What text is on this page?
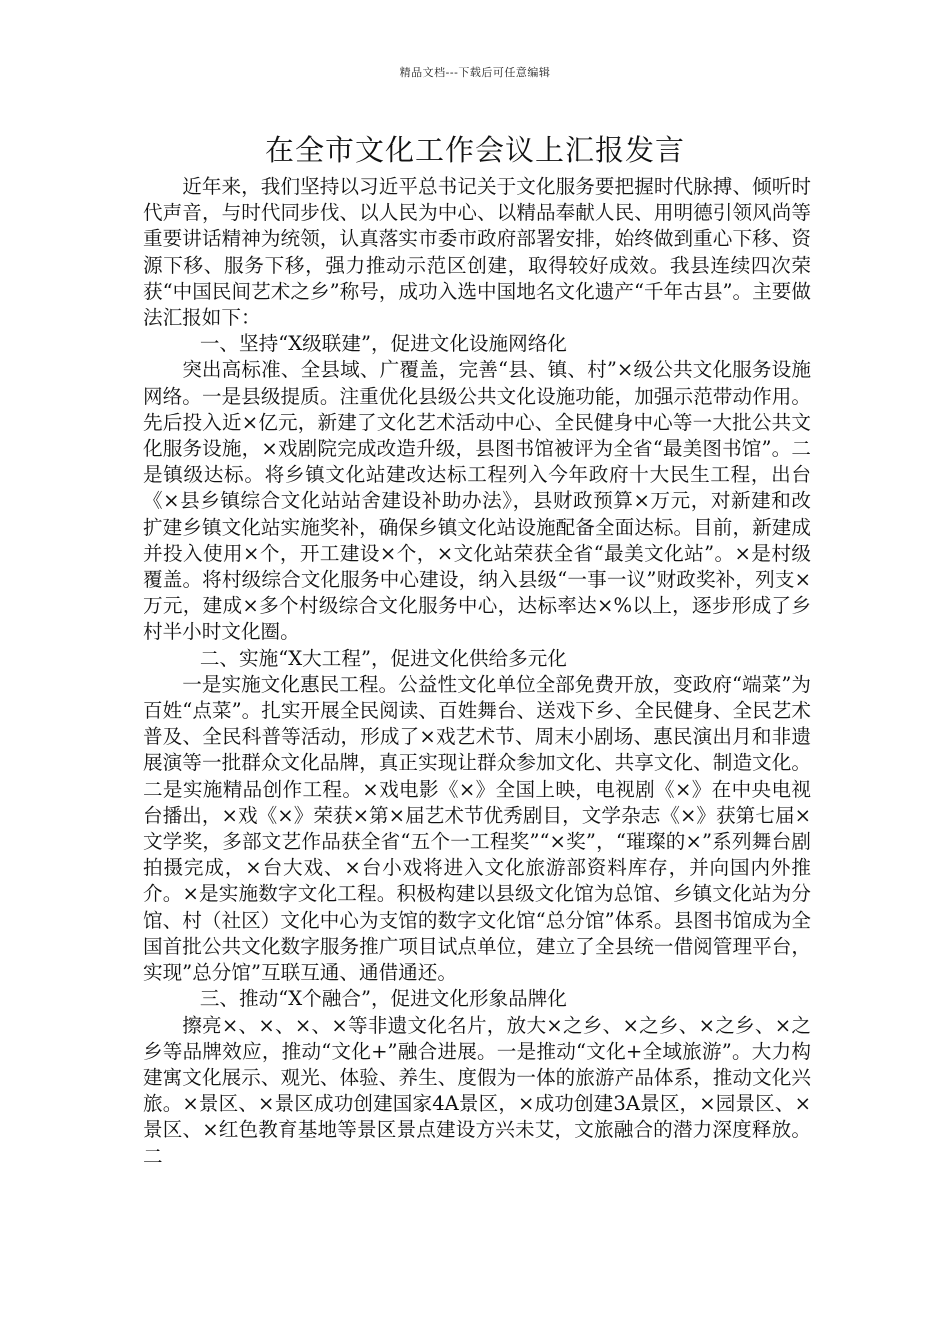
精品文档---下载后可任意编辑
在全市文化工作会议上汇报发言

近年来，我们坚持以习近平总书记关于文化服务要把握时代脉搏、倾听时代声音，与时代同步伐、以人民为中心、以精品奉献人民、用明德引领风尚等重要讲话精神为统领，认真落实市委市政府部署安排，始终做到重心下移、资源下移、服务下移，强力推动示范区创建，取得较好成效。我县连续四次荣获“中国民间艺术之乡”称号，成功入选中国地名文化遗产“千年古县”。主要做法汇报如下：

一、坚持“X级联建”，促进文化设施网络化

突出高标准、全县域、广覆盖，完善“县、镇、村”×级公共文化服务设施网络。一是县级提质。注重优化县级公共文化设施功能，加强示范带动作用。先后投入近×亿元，新建了文化艺术活动中心、全民健身中心等一大批公共文化服务设施，×戏剧院完成改造升级，县图书馆被评为全省“最美图书馆”。二是镇级达标。将乡镇文化站建改达标工程列入今年政府十大民生工程，出台《×县乡镇综合文化站站舍建设补助办法》，县财政预算×万元，对新建和改扩建乡镇文化站实施奖补，确保乡镇文化站设施配备全面达标。目前，新建成并投入使用×个，开工建设×个，×文化站荣获全省“最美文化站”。×是村级覆盖。将村级综合文化服务中心建设，纳入县级“一事一议”财政奖补，列支×万元，建成×多个村级综合文化服务中心，达标率达×%以上，逐步形成了乡村半小时文化圈。

二、实施“X大工程”，促进文化供给多元化

一是实施文化惠民工程。公益性文化单位全部免费开放，变政府“端菜”为百姓“点菜”。扎实开展全民阅读、百姓舞台、送戏下乡、全民健身、全民艺术普及、全民科普等活动，形成了×戏艺术节、周末小剧场、惠民演出月和非遗展演等一批群众文化品牌，真正实现让群众参加文化、共享文化、制造文化。二是实施精品创作工程。×戏电影《×》全国上映，电视剧《×》在中央电视台播出，×戏《×》荣获×第×届艺术节优秀剧目，文学杂志《×》获第七届×文学奖，多部文艺作品获全省“五个一工程奖”“×奖”，“璀璨的×”系列舞台剧拍摄完成，×台大戏、×台小戏将进入文化旅游部资料库存，并向国内外推介。×是实施数字文化工程。积极构建以县级文化馆为总馆、乡镇文化站为分馆、村（社区）文化中心为支馆的数字文化馆“总分馆”体系。县图书馆成为全国首批公共文化数字服务推广项目试点单位，建立了全县统一借阅管理平台，实现”总分馆”互联互通、通借通还。

三、推动“X个融合”，促进文化形象品牌化

擦亮×、×、×、×等非遗文化名片，放大×之乡、×之乡、×之乡、×之乡等品牌效应，推动“文化+”融合进展。一是推动“文化+全域旅游”。大力构建寓文化展示、观光、体验、养生、度假为一体的旅游产品体系，推动文化兴旅。×景区、×景区成功创建国家4A景区，×成功创建3A景区，×园景区、×景区、×红色教育基地等景区景点建设方兴未艾，文旅融合的潜力深度释放。二
